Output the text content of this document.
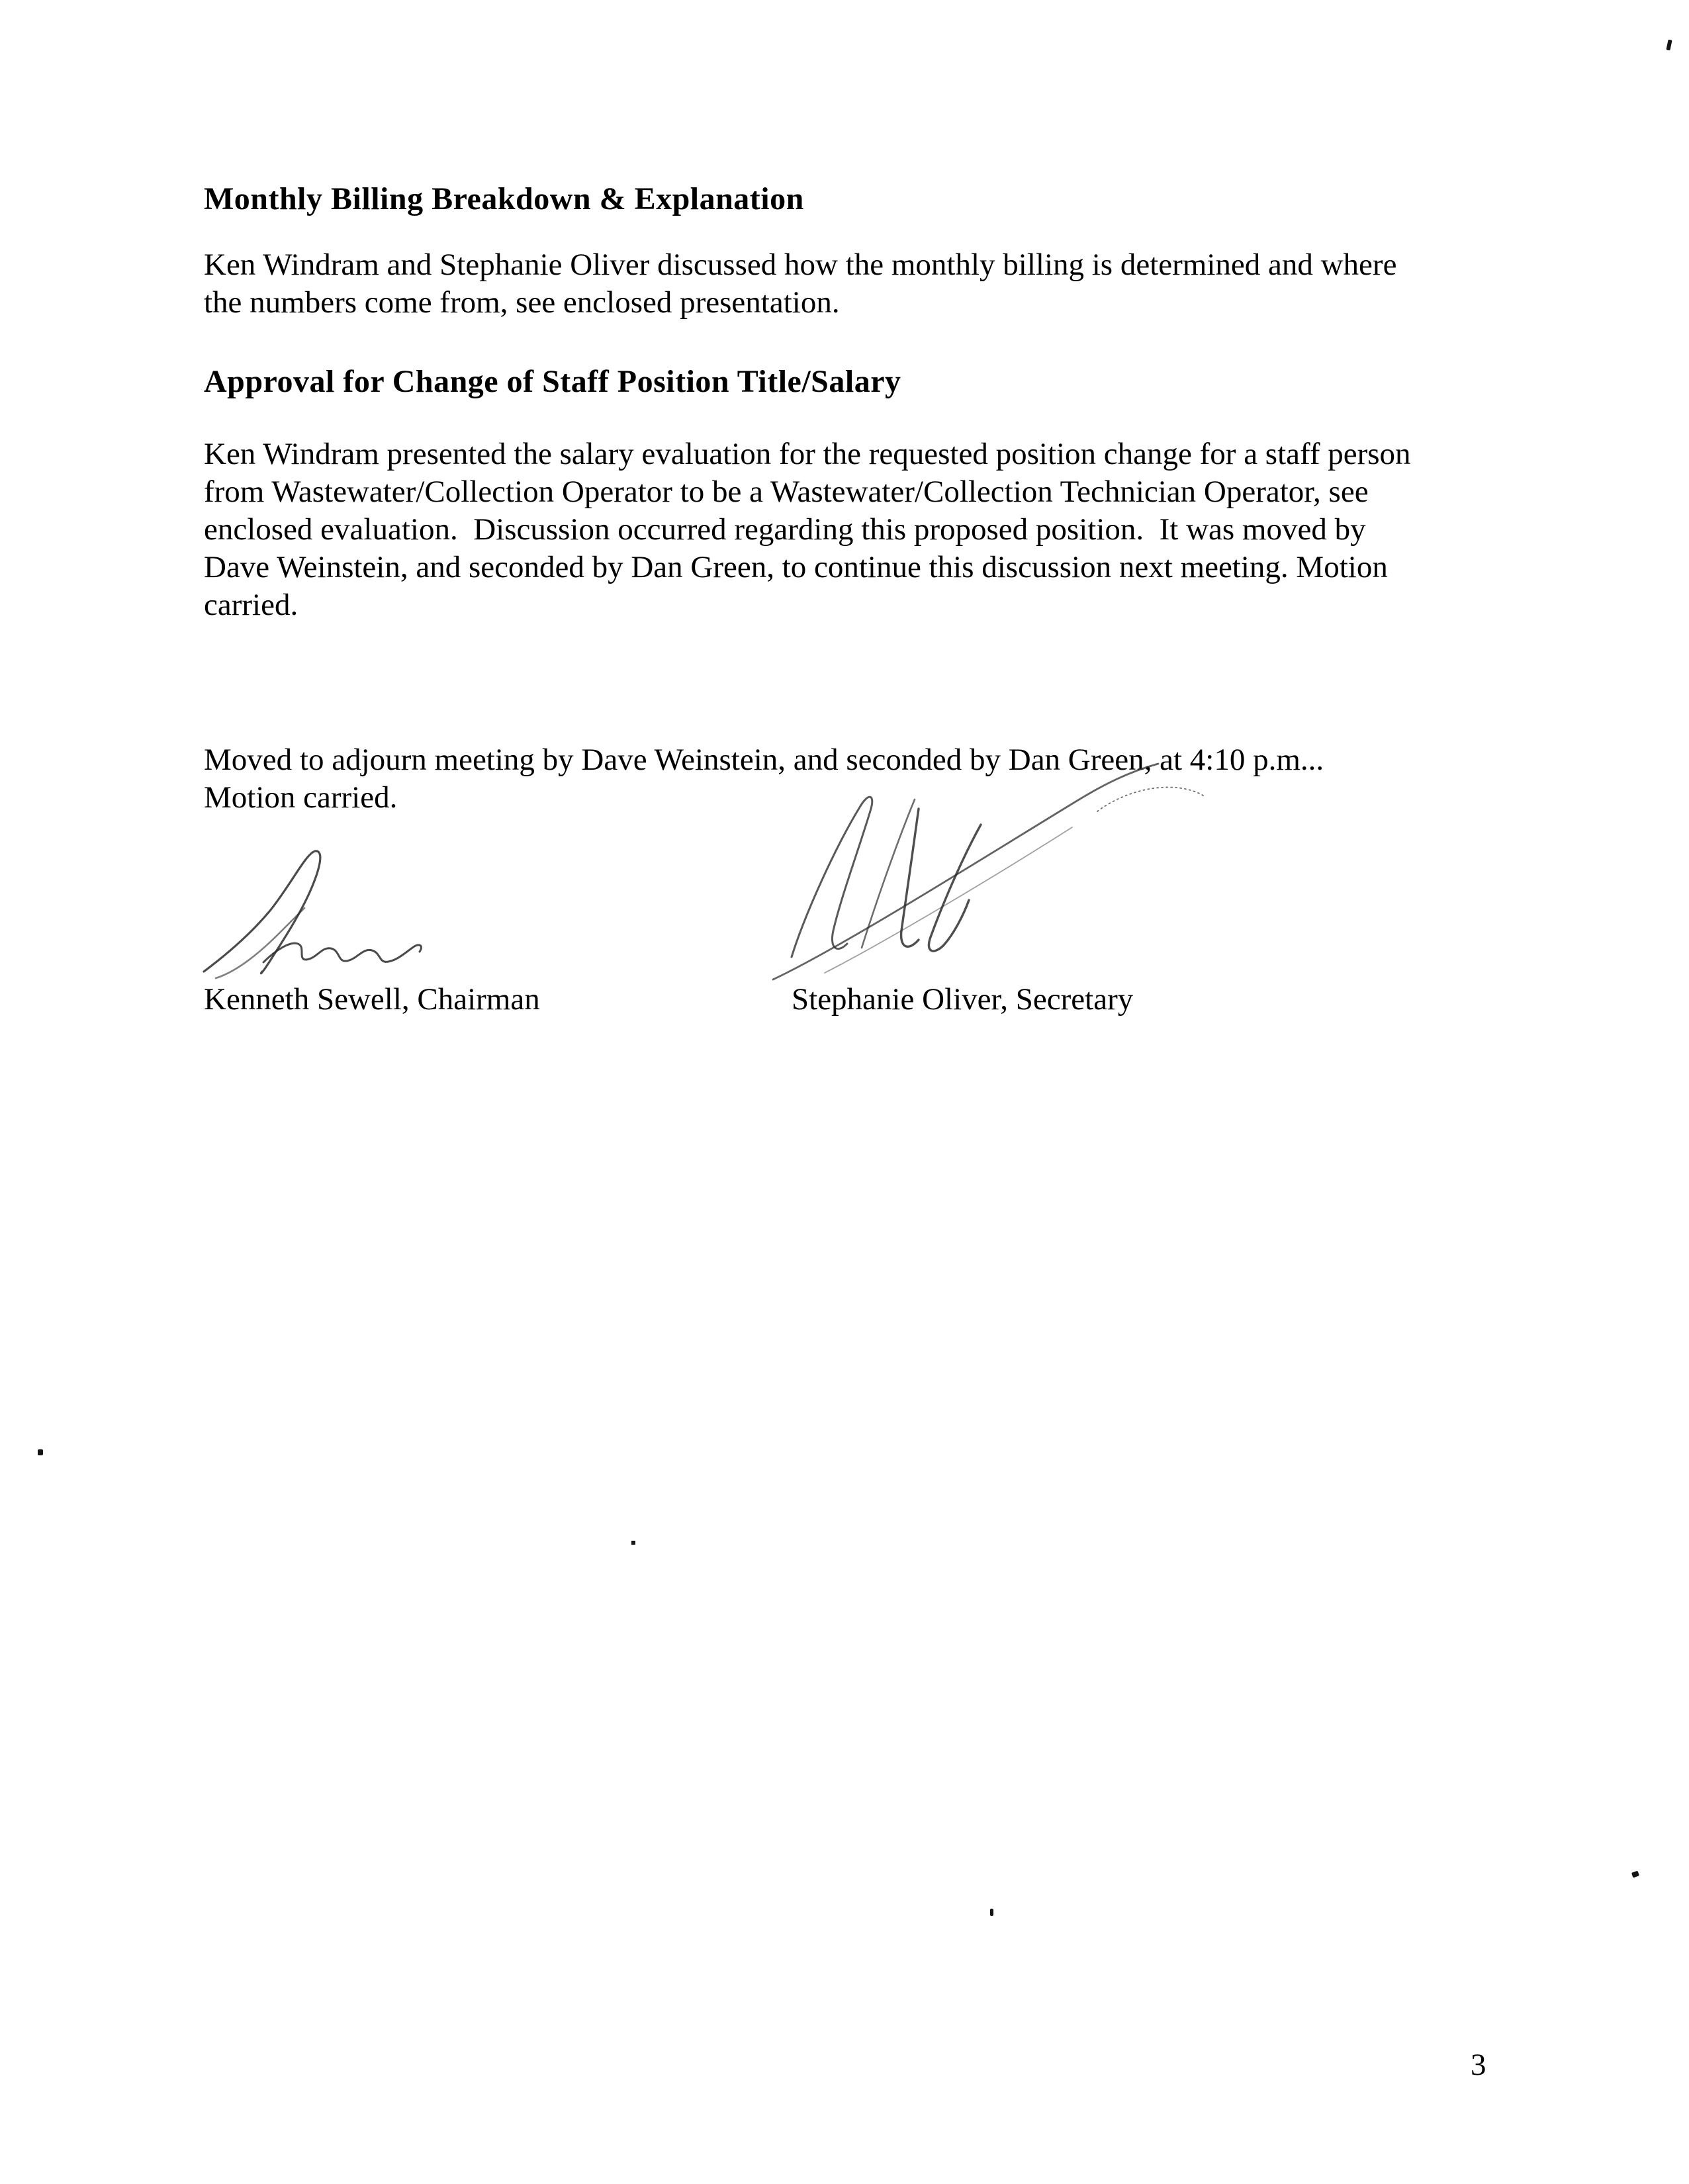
Monthly Billing Breakdown & Explanation
Ken Windram and Stephanie Oliver discussed how the monthly billing is determined and where
the numbers come from, see enclosed presentation.
Approval for Change of Staff Position Title/Salary
Ken Windram presented the salary evaluation for the requested position change for a staff person
from Wastewater/Collection Operator to be a Wastewater/Collection Technician Operator, see
enclosed evaluation.  Discussion occurred regarding this proposed position.  It was moved by
Dave Weinstein, and seconded by Dan Green, to continue this discussion next meeting. Motion
carried.
Moved to adjourn meeting by Dave Weinstein, and seconded by Dan Green, at 4:10 p.m...
Motion carried.
Kenneth Sewell, Chairman	Stephanie Oliver, Secretary
3
